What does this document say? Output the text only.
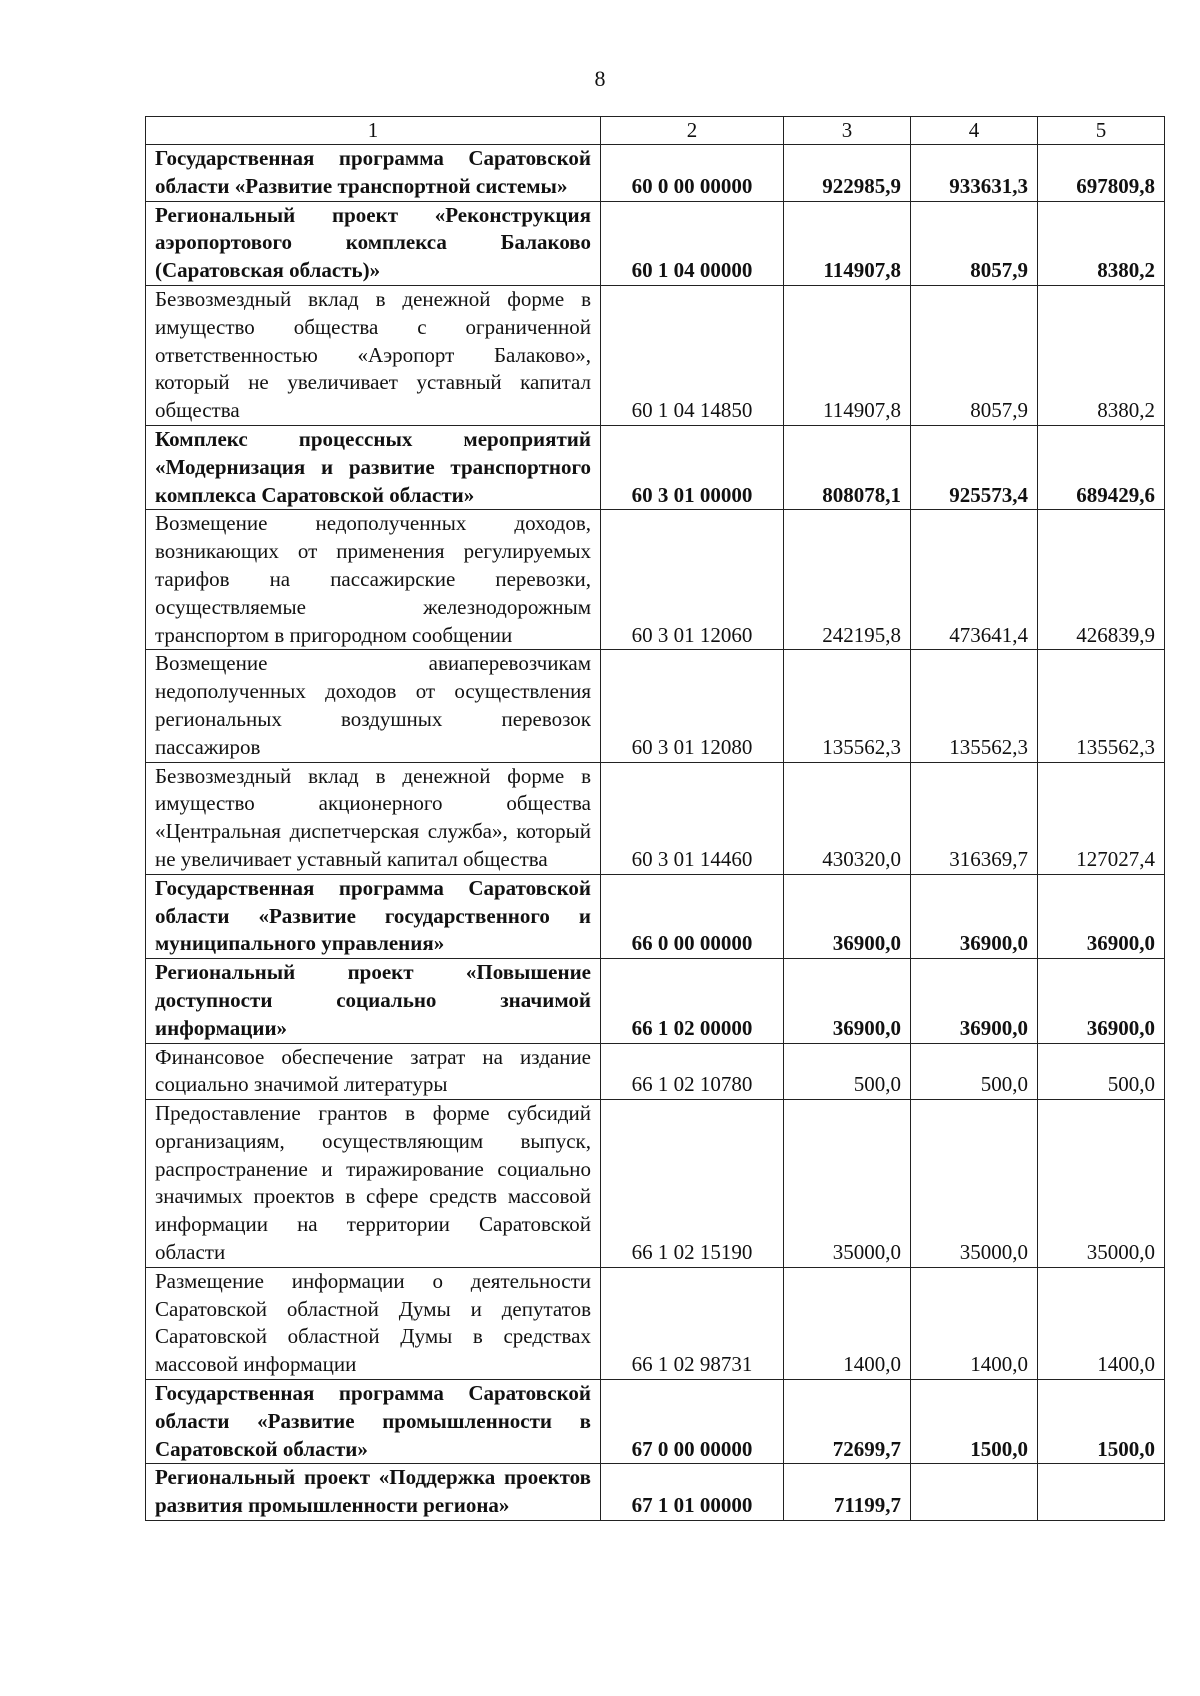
8
1	2	3	4	5
Государственная программа Саратовской области «Развитие транспортной системы»	60 0 00 00000	922985,9	933631,3	697809,8
Региональный проект «Реконструкция аэропортового комплекса Балаково (Саратовская область)»	60 1 04 00000	114907,8	8057,9	8380,2
Безвозмездный вклад в денежной форме в имущество общества с ограниченной ответственностью «Аэропорт Балаково», который не увеличивает уставный капитал общества	60 1 04 14850	114907,8	8057,9	8380,2
Комплекс процессных мероприятий «Модернизация и развитие транспортного комплекса Саратовской области»	60 3 01 00000	808078,1	925573,4	689429,6
Возмещение недополученных доходов, возникающих от применения регулируемых тарифов на пассажирские перевозки, осуществляемые железнодорожным транспортом в пригородном сообщении	60 3 01 12060	242195,8	473641,4	426839,9
Возмещение авиаперевозчикам недополученных доходов от осуществления региональных воздушных перевозок пассажиров	60 3 01 12080	135562,3	135562,3	135562,3
Безвозмездный вклад в денежной форме в имущество акционерного общества «Центральная диспетчерская служба», который не увеличивает уставный капитал общества	60 3 01 14460	430320,0	316369,7	127027,4
Государственная программа Саратовской области «Развитие государственного и муниципального управления»	66 0 00 00000	36900,0	36900,0	36900,0
Региональный проект «Повышение доступности социально значимой информации»	66 1 02 00000	36900,0	36900,0	36900,0
Финансовое обеспечение затрат на издание социально значимой литературы	66 1 02 10780	500,0	500,0	500,0
Предоставление грантов в форме субсидий организациям, осуществляющим выпуск, распространение и тиражирование социально значимых проектов в сфере средств массовой информации на территории Саратовской области	66 1 02 15190	35000,0	35000,0	35000,0
Размещение информации о деятельности Саратовской областной Думы и депутатов Саратовской областной Думы в средствах массовой информации	66 1 02 98731	1400,0	1400,0	1400,0
Государственная программа Саратовской области «Развитие промышленности в Саратовской области»	67 0 00 00000	72699,7	1500,0	1500,0
Региональный проект «Поддержка проектов развития промышленности региона»	67 1 01 00000	71199,7		
